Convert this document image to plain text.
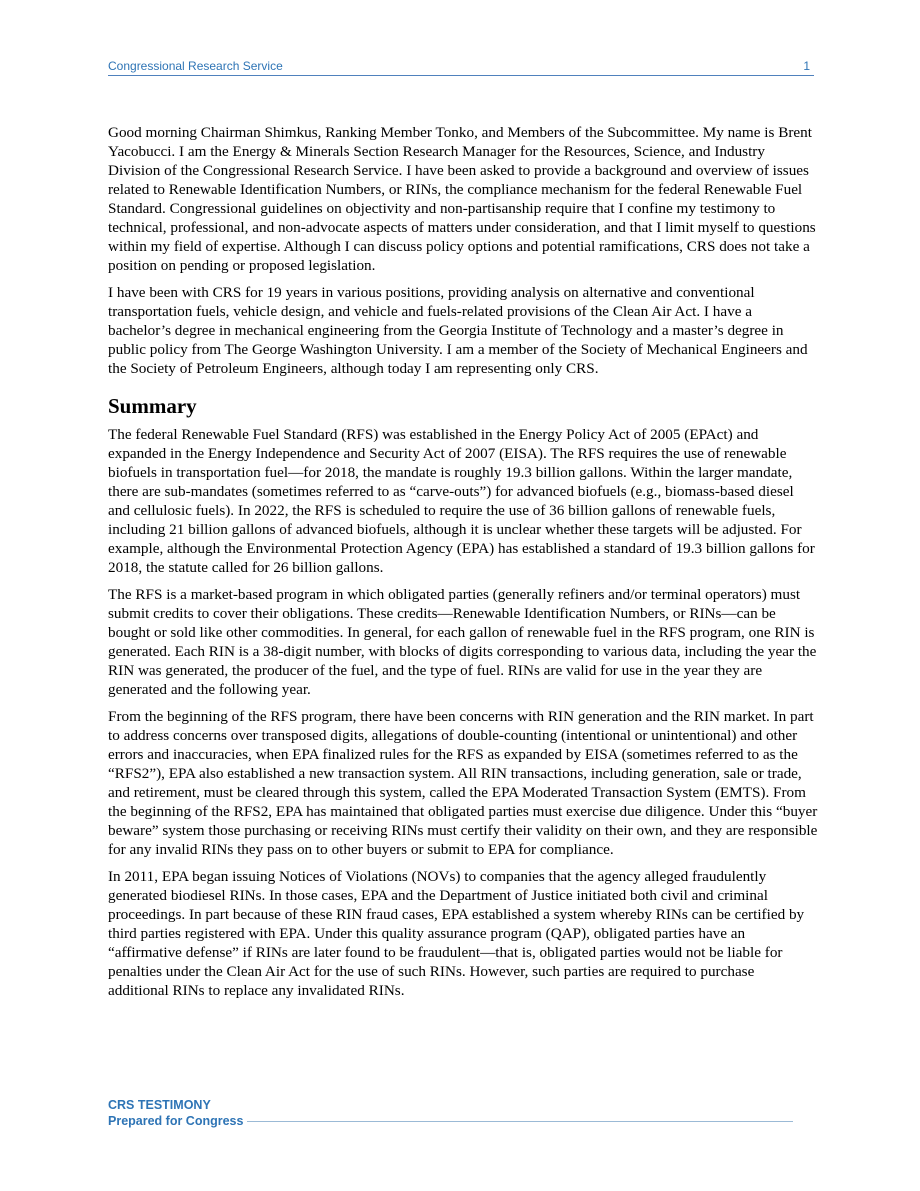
Congressional Research Service	1

Good morning Chairman Shimkus, Ranking Member Tonko, and Members of the Subcommittee. My name is Brent Yacobucci. I am the Energy & Minerals Section Research Manager for the Resources, Science, and Industry Division of the Congressional Research Service. I have been asked to provide a background and overview of issues related to Renewable Identification Numbers, or RINs, the compliance mechanism for the federal Renewable Fuel Standard. Congressional guidelines on objectivity and non-partisanship require that I confine my testimony to technical, professional, and non-advocate aspects of matters under consideration, and that I limit myself to questions within my field of expertise. Although I can discuss policy options and potential ramifications, CRS does not take a position on pending or proposed legislation.

I have been with CRS for 19 years in various positions, providing analysis on alternative and conventional transportation fuels, vehicle design, and vehicle and fuels-related provisions of the Clean Air Act. I have a bachelor’s degree in mechanical engineering from the Georgia Institute of Technology and a master’s degree in public policy from The George Washington University. I am a member of the Society of Mechanical Engineers and the Society of Petroleum Engineers, although today I am representing only CRS.

Summary

The federal Renewable Fuel Standard (RFS) was established in the Energy Policy Act of 2005 (EPAct) and expanded in the Energy Independence and Security Act of 2007 (EISA). The RFS requires the use of renewable biofuels in transportation fuel—for 2018, the mandate is roughly 19.3 billion gallons. Within the larger mandate, there are sub-mandates (sometimes referred to as “carve-outs”) for advanced biofuels (e.g., biomass-based diesel and cellulosic fuels). In 2022, the RFS is scheduled to require the use of 36 billion gallons of renewable fuels, including 21 billion gallons of advanced biofuels, although it is unclear whether these targets will be adjusted. For example, although the Environmental Protection Agency (EPA) has established a standard of 19.3 billion gallons for 2018, the statute called for 26 billion gallons.

The RFS is a market-based program in which obligated parties (generally refiners and/or terminal operators) must submit credits to cover their obligations. These credits—Renewable Identification Numbers, or RINs—can be bought or sold like other commodities. In general, for each gallon of renewable fuel in the RFS program, one RIN is generated. Each RIN is a 38-digit number, with blocks of digits corresponding to various data, including the year the RIN was generated, the producer of the fuel, and the type of fuel. RINs are valid for use in the year they are generated and the following year.

From the beginning of the RFS program, there have been concerns with RIN generation and the RIN market. In part to address concerns over transposed digits, allegations of double-counting (intentional or unintentional) and other errors and inaccuracies, when EPA finalized rules for the RFS as expanded by EISA (sometimes referred to as the “RFS2”), EPA also established a new transaction system. All RIN transactions, including generation, sale or trade, and retirement, must be cleared through this system, called the EPA Moderated Transaction System (EMTS). From the beginning of the RFS2, EPA has maintained that obligated parties must exercise due diligence. Under this “buyer beware” system those purchasing or receiving RINs must certify their validity on their own, and they are responsible for any invalid RINs they pass on to other buyers or submit to EPA for compliance.

In 2011, EPA began issuing Notices of Violations (NOVs) to companies that the agency alleged fraudulently generated biodiesel RINs. In those cases, EPA and the Department of Justice initiated both civil and criminal proceedings. In part because of these RIN fraud cases, EPA established a system whereby RINs can be certified by third parties registered with EPA. Under this quality assurance program (QAP), obligated parties have an “affirmative defense” if RINs are later found to be fraudulent—that is, obligated parties would not be liable for penalties under the Clean Air Act for the use of such RINs. However, such parties are required to purchase additional RINs to replace any invalidated RINs.

CRS TESTIMONY
Prepared for Congress
